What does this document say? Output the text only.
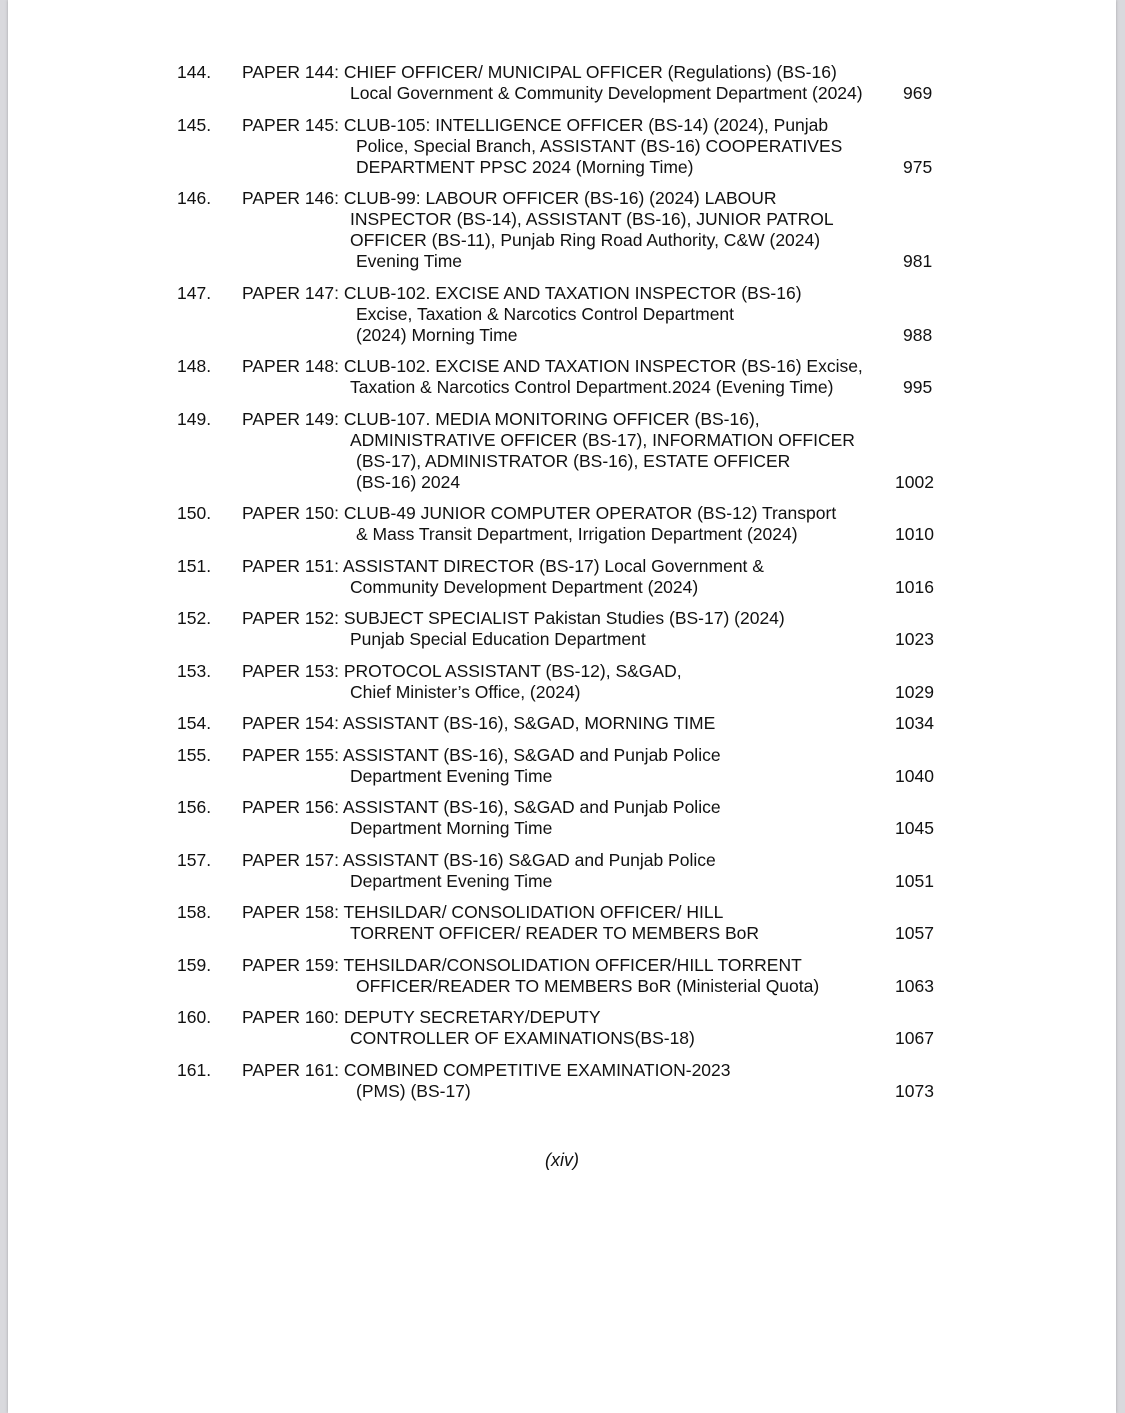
144.	PAPER 144: CHIEF OFFICER/ MUNICIPAL OFFICER (Regulations) (BS-16)
Local Government & Community Development Department (2024)	969
145.	PAPER 145: CLUB-105: INTELLIGENCE OFFICER (BS-14) (2024), Punjab
Police, Special Branch, ASSISTANT (BS-16) COOPERATIVES
DEPARTMENT PPSC 2024 (Morning Time)	975
146.	PAPER 146: CLUB-99: LABOUR OFFICER (BS-16) (2024) LABOUR
INSPECTOR (BS-14), ASSISTANT (BS-16), JUNIOR PATROL
OFFICER (BS-11), Punjab Ring Road Authority, C&W (2024)
Evening Time	981
147.	PAPER 147: CLUB-102. EXCISE AND TAXATION INSPECTOR (BS-16)
Excise, Taxation & Narcotics Control Department
(2024) Morning Time	988
148.	PAPER 148: CLUB-102. EXCISE AND TAXATION INSPECTOR (BS-16) Excise,
Taxation & Narcotics Control Department.2024 (Evening Time)	995
149.	PAPER 149: CLUB-107. MEDIA MONITORING OFFICER (BS-16),
ADMINISTRATIVE OFFICER (BS-17), INFORMATION OFFICER
(BS-17), ADMINISTRATOR (BS-16), ESTATE OFFICER
(BS-16) 2024	1002
150.	PAPER 150: CLUB-49 JUNIOR COMPUTER OPERATOR (BS-12) Transport
& Mass Transit Department, Irrigation Department (2024)	1010
151.	PAPER 151: ASSISTANT DIRECTOR (BS-17) Local Government &
Community Development Department (2024)	1016
152.	PAPER 152: SUBJECT SPECIALIST Pakistan Studies (BS-17) (2024)
Punjab Special Education Department	1023
153.	PAPER 153: PROTOCOL ASSISTANT (BS-12), S&GAD,
Chief Minister’s Office, (2024)	1029
154.	PAPER 154: ASSISTANT (BS-16), S&GAD, MORNING TIME	1034
155.	PAPER 155: ASSISTANT (BS-16), S&GAD and Punjab Police
Department Evening Time	1040
156.	PAPER 156: ASSISTANT (BS-16), S&GAD and Punjab Police
Department Morning Time	1045
157.	PAPER 157: ASSISTANT (BS-16) S&GAD and Punjab Police
Department Evening Time	1051
158.	PAPER 158: TEHSILDAR/ CONSOLIDATION OFFICER/ HILL
TORRENT OFFICER/ READER TO MEMBERS BoR	1057
159.	PAPER 159: TEHSILDAR/CONSOLIDATION OFFICER/HILL TORRENT
OFFICER/READER TO MEMBERS BoR (Ministerial Quota)	1063
160.	PAPER 160: DEPUTY SECRETARY/DEPUTY
CONTROLLER OF EXAMINATIONS(BS-18)	1067
161.	PAPER 161: COMBINED COMPETITIVE EXAMINATION-2023
(PMS) (BS-17)	1073
(xiv)
